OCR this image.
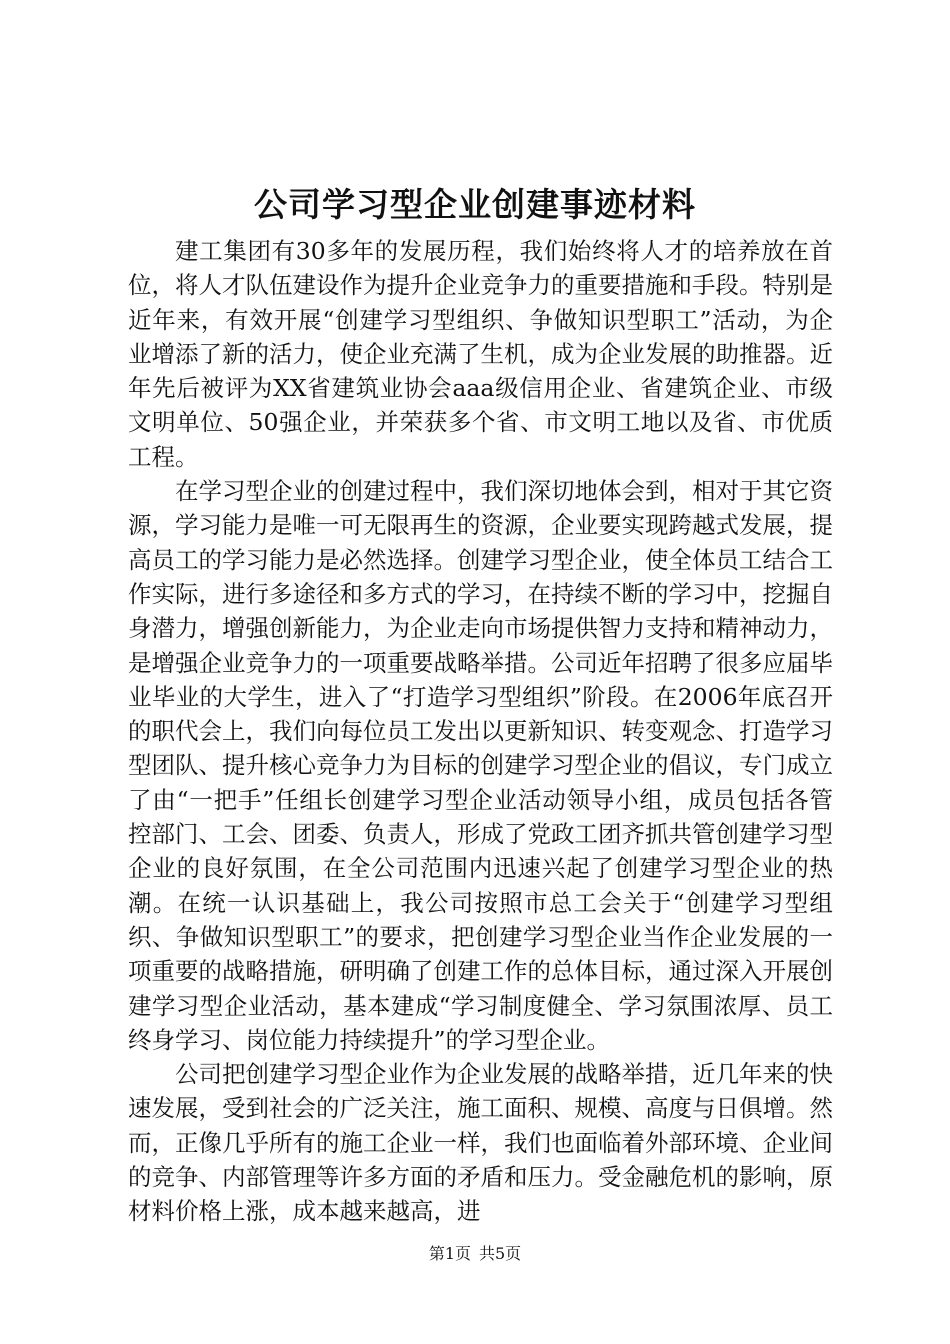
公司学习型企业创建事迹材料

建工集团有30多年的发展历程，我们始终将人才的培养放在首位，将人才队伍建设作为提升企业竞争力的重要措施和手段。特别是近年来，有效开展“创建学习型组织、争做知识型职工”活动，为企业增添了新的活力，使企业充满了生机，成为企业发展的助推器。近年先后被评为XX省建筑业协会aaa级信用企业、省建筑企业、市级文明单位、50强企业，并荣获多个省、市文明工地以及省、市优质工程。

在学习型企业的创建过程中，我们深切地体会到，相对于其它资源，学习能力是唯一可无限再生的资源，企业要实现跨越式发展，提高员工的学习能力是必然选择。创建学习型企业，使全体员工结合工作实际，进行多途径和多方式的学习，在持续不断的学习中，挖掘自身潜力，增强创新能力，为企业走向市场提供智力支持和精神动力，是增强企业竞争力的一项重要战略举措。公司近年招聘了很多应届毕业毕业的大学生，进入了“打造学习型组织”阶段。在2006年底召开的职代会上，我们向每位员工发出以更新知识、转变观念、打造学习型团队、提升核心竞争力为目标的创建学习型企业的倡议，专门成立了由“一把手”任组长创建学习型企业活动领导小组，成员包括各管控部门、工会、团委、负责人，形成了党政工团齐抓共管创建学习型企业的良好氛围，在全公司范围内迅速兴起了创建学习型企业的热潮。在统一认识基础上，我公司按照市总工会关于“创建学习型组织、争做知识型职工”的要求，把创建学习型企业当作企业发展的一项重要的战略措施，研明确了创建工作的总体目标，通过深入开展创建学习型企业活动，基本建成“学习制度健全、学习氛围浓厚、员工终身学习、岗位能力持续提升”的学习型企业。

公司把创建学习型企业作为企业发展的战略举措，近几年来的快速发展，受到社会的广泛关注，施工面积、规模、高度与日俱增。然而，正像几乎所有的施工企业一样，我们也面临着外部环境、企业间的竞争、内部管理等许多方面的矛盾和压力。受金融危机的影响，原材料价格上涨，成本越来越高，进

第1页 共5页
